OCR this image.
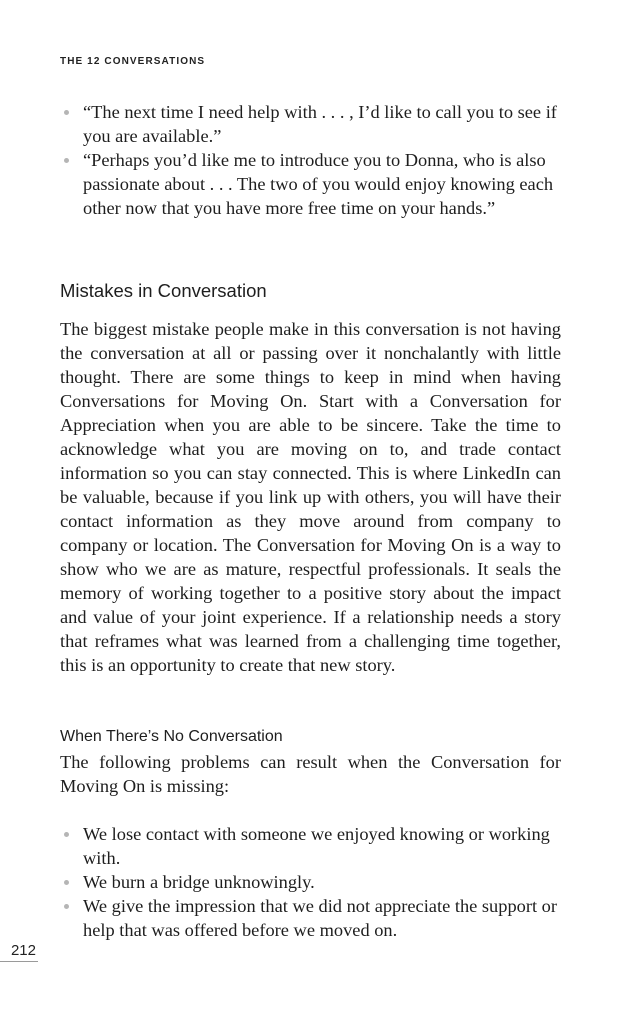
THE 12 CONVERSATIONS
“The next time I need help with . . . , I’d like to call you to see if you are available.”
“Perhaps you’d like me to introduce you to Donna, who is also passionate about . . . The two of you would enjoy knowing each other now that you have more free time on your hands.”
Mistakes in Conversation

The biggest mistake people make in this conversation is not having the conversation at all or passing over it nonchalantly with little thought. There are some things to keep in mind when having Conversations for Moving On. Start with a Conversation for Appreciation when you are able to be sincere. Take the time to acknowledge what you are moving on to, and trade contact information so you can stay connected. This is where LinkedIn can be valuable, because if you link up with others, you will have their contact information as they move around from company to company or location. The Conversation for Moving On is a way to show who we are as mature, respectful professionals. It seals the memory of working together to a positive story about the impact and value of your joint experience. If a relationship needs a story that reframes what was learned from a challenging time together, this is an opportunity to create that new story.

When There’s No Conversation

The following problems can result when the Conversation for Moving On is missing:

We lose contact with someone we enjoyed knowing or working with.
We burn a bridge unknowingly.
We give the impression that we did not appreciate the support or help that was offered before we moved on.
212
